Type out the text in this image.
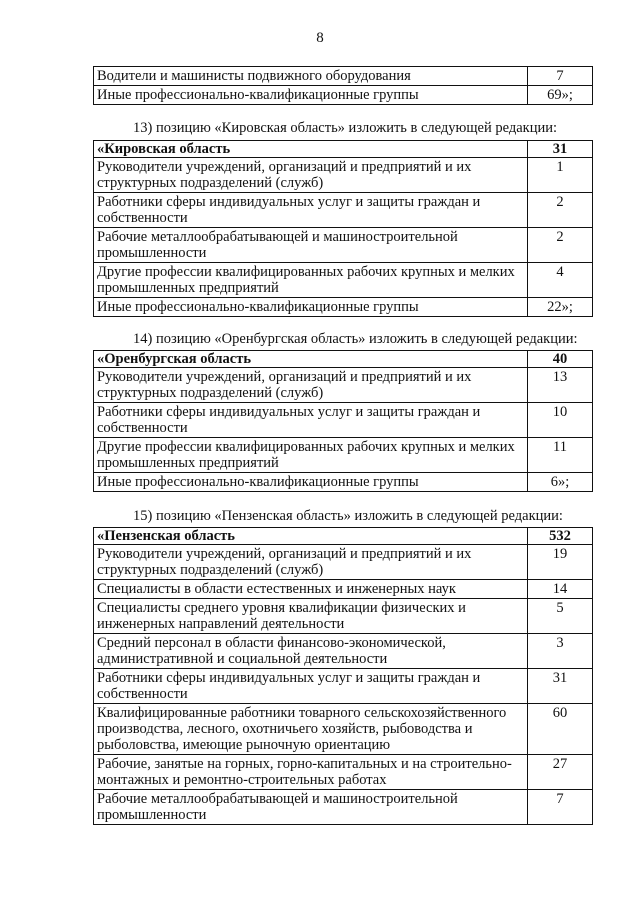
8
Водители и машинисты подвижного оборудования	7
Иные профессионально-квалификационные группы	69»;
13) позицию «Кировская область» изложить в следующей редакции:
«Кировская область	31
Руководители учреждений, организаций и предприятий и их структурных подразделений (служб)	1
Работники сферы индивидуальных услуг и защиты граждан и собственности	2
Рабочие металлообрабатывающей и машиностроительной промышленности	2
Другие профессии квалифицированных рабочих крупных и мелких промышленных предприятий	4
Иные профессионально-квалификационные группы	22»;
14) позицию «Оренбургская область» изложить в следующей редакции:
«Оренбургская область	40
Руководители учреждений, организаций и предприятий и их структурных подразделений (служб)	13
Работники сферы индивидуальных услуг и защиты граждан и собственности	10
Другие профессии квалифицированных рабочих крупных и мелких промышленных предприятий	11
Иные профессионально-квалификационные группы	6»;
15) позицию «Пензенская область» изложить в следующей редакции:
«Пензенская область	532
Руководители учреждений, организаций и предприятий и их структурных подразделений (служб)	19
Специалисты в области естественных и инженерных наук	14
Специалисты среднего уровня квалификации физических и инженерных направлений деятельности	5
Средний персонал в области финансово-экономической, административной и социальной деятельности	3
Работники сферы индивидуальных услуг и защиты граждан и собственности	31
Квалифицированные работники товарного сельскохозяйственного производства, лесного, охотничьего хозяйств, рыбоводства и рыболовства, имеющие рыночную ориентацию	60
Рабочие, занятые на горных, горно-капитальных и на строительно-монтажных и ремонтно-строительных работах	27
Рабочие металлообрабатывающей и машиностроительной промышленности	7
